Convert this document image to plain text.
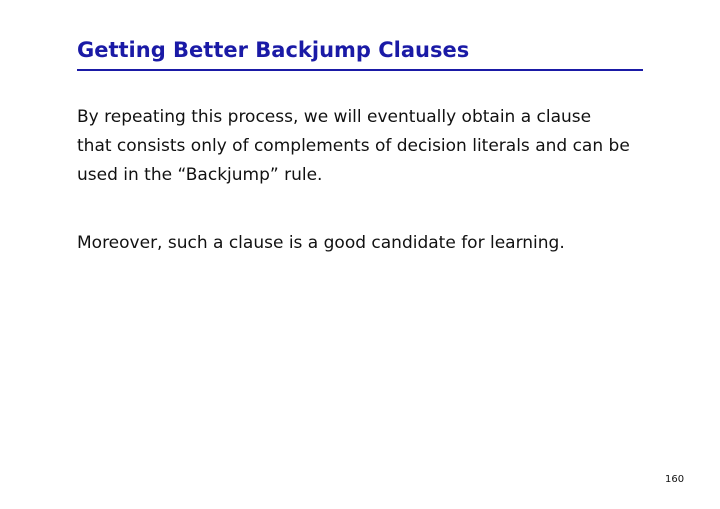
Getting Better Backjump Clauses

By repeating this process, we will eventually obtain a clause
that consists only of complements of decision literals and can be
used in the “Backjump” rule.

Moreover, such a clause is a good candidate for learning.

160
